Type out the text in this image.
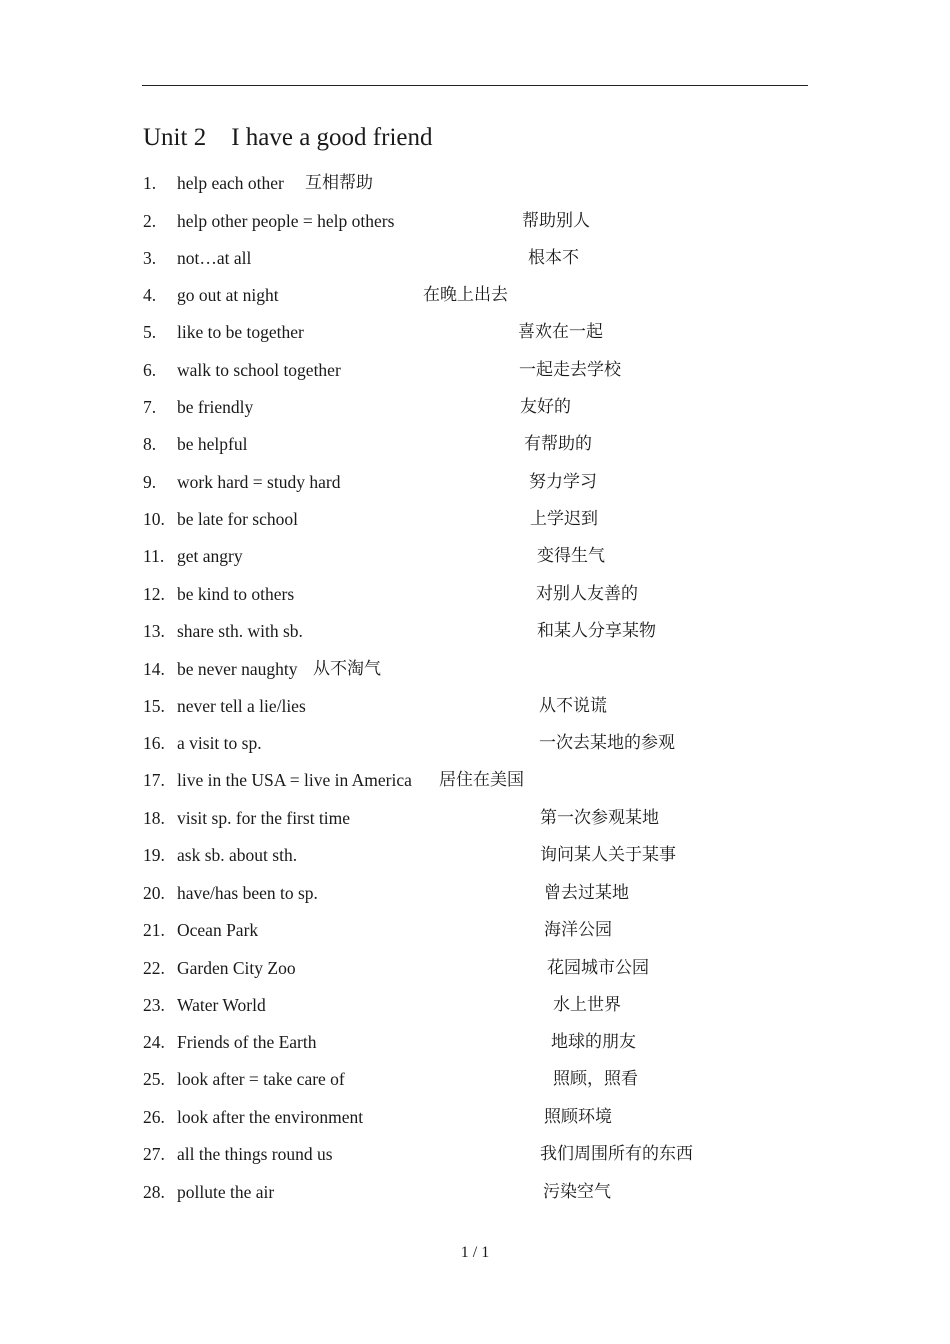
Unit 2    I have a good friend
1. help each other 互相帮助
2. help other people = help others	帮助别人
3. not…at all	根本不
4. go out at night	在晚上出去
5. like to be together	喜欢在一起
6. walk to school together	一起走去学校
7. be friendly	友好的
8. be helpful	有帮助的
9. work hard = study hard	努力学习
10. be late for school	上学迟到
11. get angry	变得生气
12. be kind to others	对别人友善的
13. share sth. with sb.	和某人分享某物
14. be never naughty 从不淘气
15. never tell a lie/lies	从不说谎
16. a visit to sp.	一次去某地的参观
17. live in the USA = live in America 居住在美国
18. visit sp. for the first time	第一次参观某地
19. ask sb. about sth.	询问某人关于某事
20. have/has been to sp.	曾去过某地
21. Ocean Park	海洋公园
22. Garden City Zoo	花园城市公园
23. Water World	水上世界
24. Friends of the Earth	地球的朋友
25. look after = take care of	照顾，照看
26. look after the environment	照顾环境
27. all the things round us	我们周围所有的东西
28. pollute the air	污染空气
1 / 1
